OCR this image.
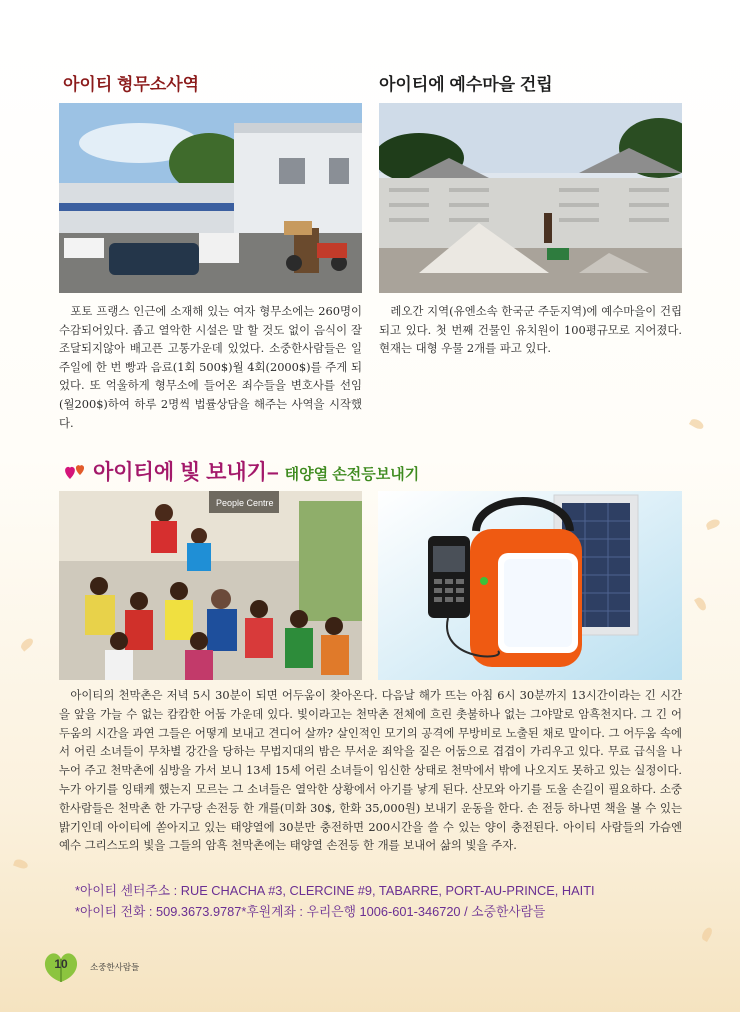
아이티 형무소사역

포토 프랭스 인근에 소재해 있는 여자 형무소에는 260명이 수감되어있다. 좁고 열악한 시설은 말 할 것도 없이 음식이 잘 조달되지않아 배고픈 고통가운데 있었다. 소중한사람들은 일주일에 한 번 빵과 음료(1회 500$)월 4회(2000$)를 주게 되었다. 또 억울하게 형무소에 들어온 죄수들을 변호사를 선임(월200$)하여 하루 2명씩 법률상담을 해주는 사역을 시작했다.

아이티에 예수마을 건립

레오간 지역(유엔소속 한국군 주둔지역)에 예수마을이 건립되고 있다. 첫 번째 건물인 유치원이 100평규모로 지어졌다. 현재는 대형 우물 2개를 파고 있다.

아이티에 빛 보내기– 태양열 손전등보내기
People Centre

아이티의 천막촌은 저녁 5시 30분이 되면 어두움이 찾아온다. 다음날 해가 뜨는 아침 6시 30분까지 13시간이라는 긴 시간을 앞을 가늘 수 없는 캄캄한 어둠 가운데 있다. 빛이라고는 천막촌 전체에 흐린 촛불하나 없는 그야말로 암흑천지다. 그 긴 어두움의 시간을 과연 그들은 어떻게 보내고 견디어 살까? 살인적인 모기의 공격에 무방비로 노출된 채로 말이다. 그 어두움 속에서 어린 소녀들이 무차별 강간을 당하는 무법지대의 밤은 무서운 죄악을 짙은 어둠으로 겹겹이 가리우고 있다. 무료 급식을 나누어 주고 천막촌에 심방을 가서 보니 13세 15세 어린 소녀들이 임신한 상태로 천막에서 밖에 나오지도 못하고 있는 실정이다. 누가 아기를 잉태케 했는지 모르는 그 소녀들은 열악한 상황에서 아기를 낳게 된다. 산모와 아기를 도울 손길이 필요하다. 소중한사람들은 천막촌 한 가구당 손전등 한 개를(미화 30$, 한화 35,000원) 보내기 운동을 한다. 손 전등 하나면 책을 볼 수 있는 밝기인데 아이티에 쏟아지고 있는 태양열에 30분만 충전하면 200시간을 쓸 수 있는 양이 충전된다. 아이티 사람들의 가슴엔 예수 그리스도의 빛을 그들의 암흑 천막촌에는 태양열 손전등 한 개를 보내어 삶의 빛을 주자.

*아이티 센터주소 : RUE CHACHA #3, CLERCINE #9, TABARRE, PORT-AU-PRINCE, HAITI

*아이티 전화 : 509.3673.9787*후원계좌 : 우리은행 1006-601-346720 / 소중한사람들

10	소중한사람들
